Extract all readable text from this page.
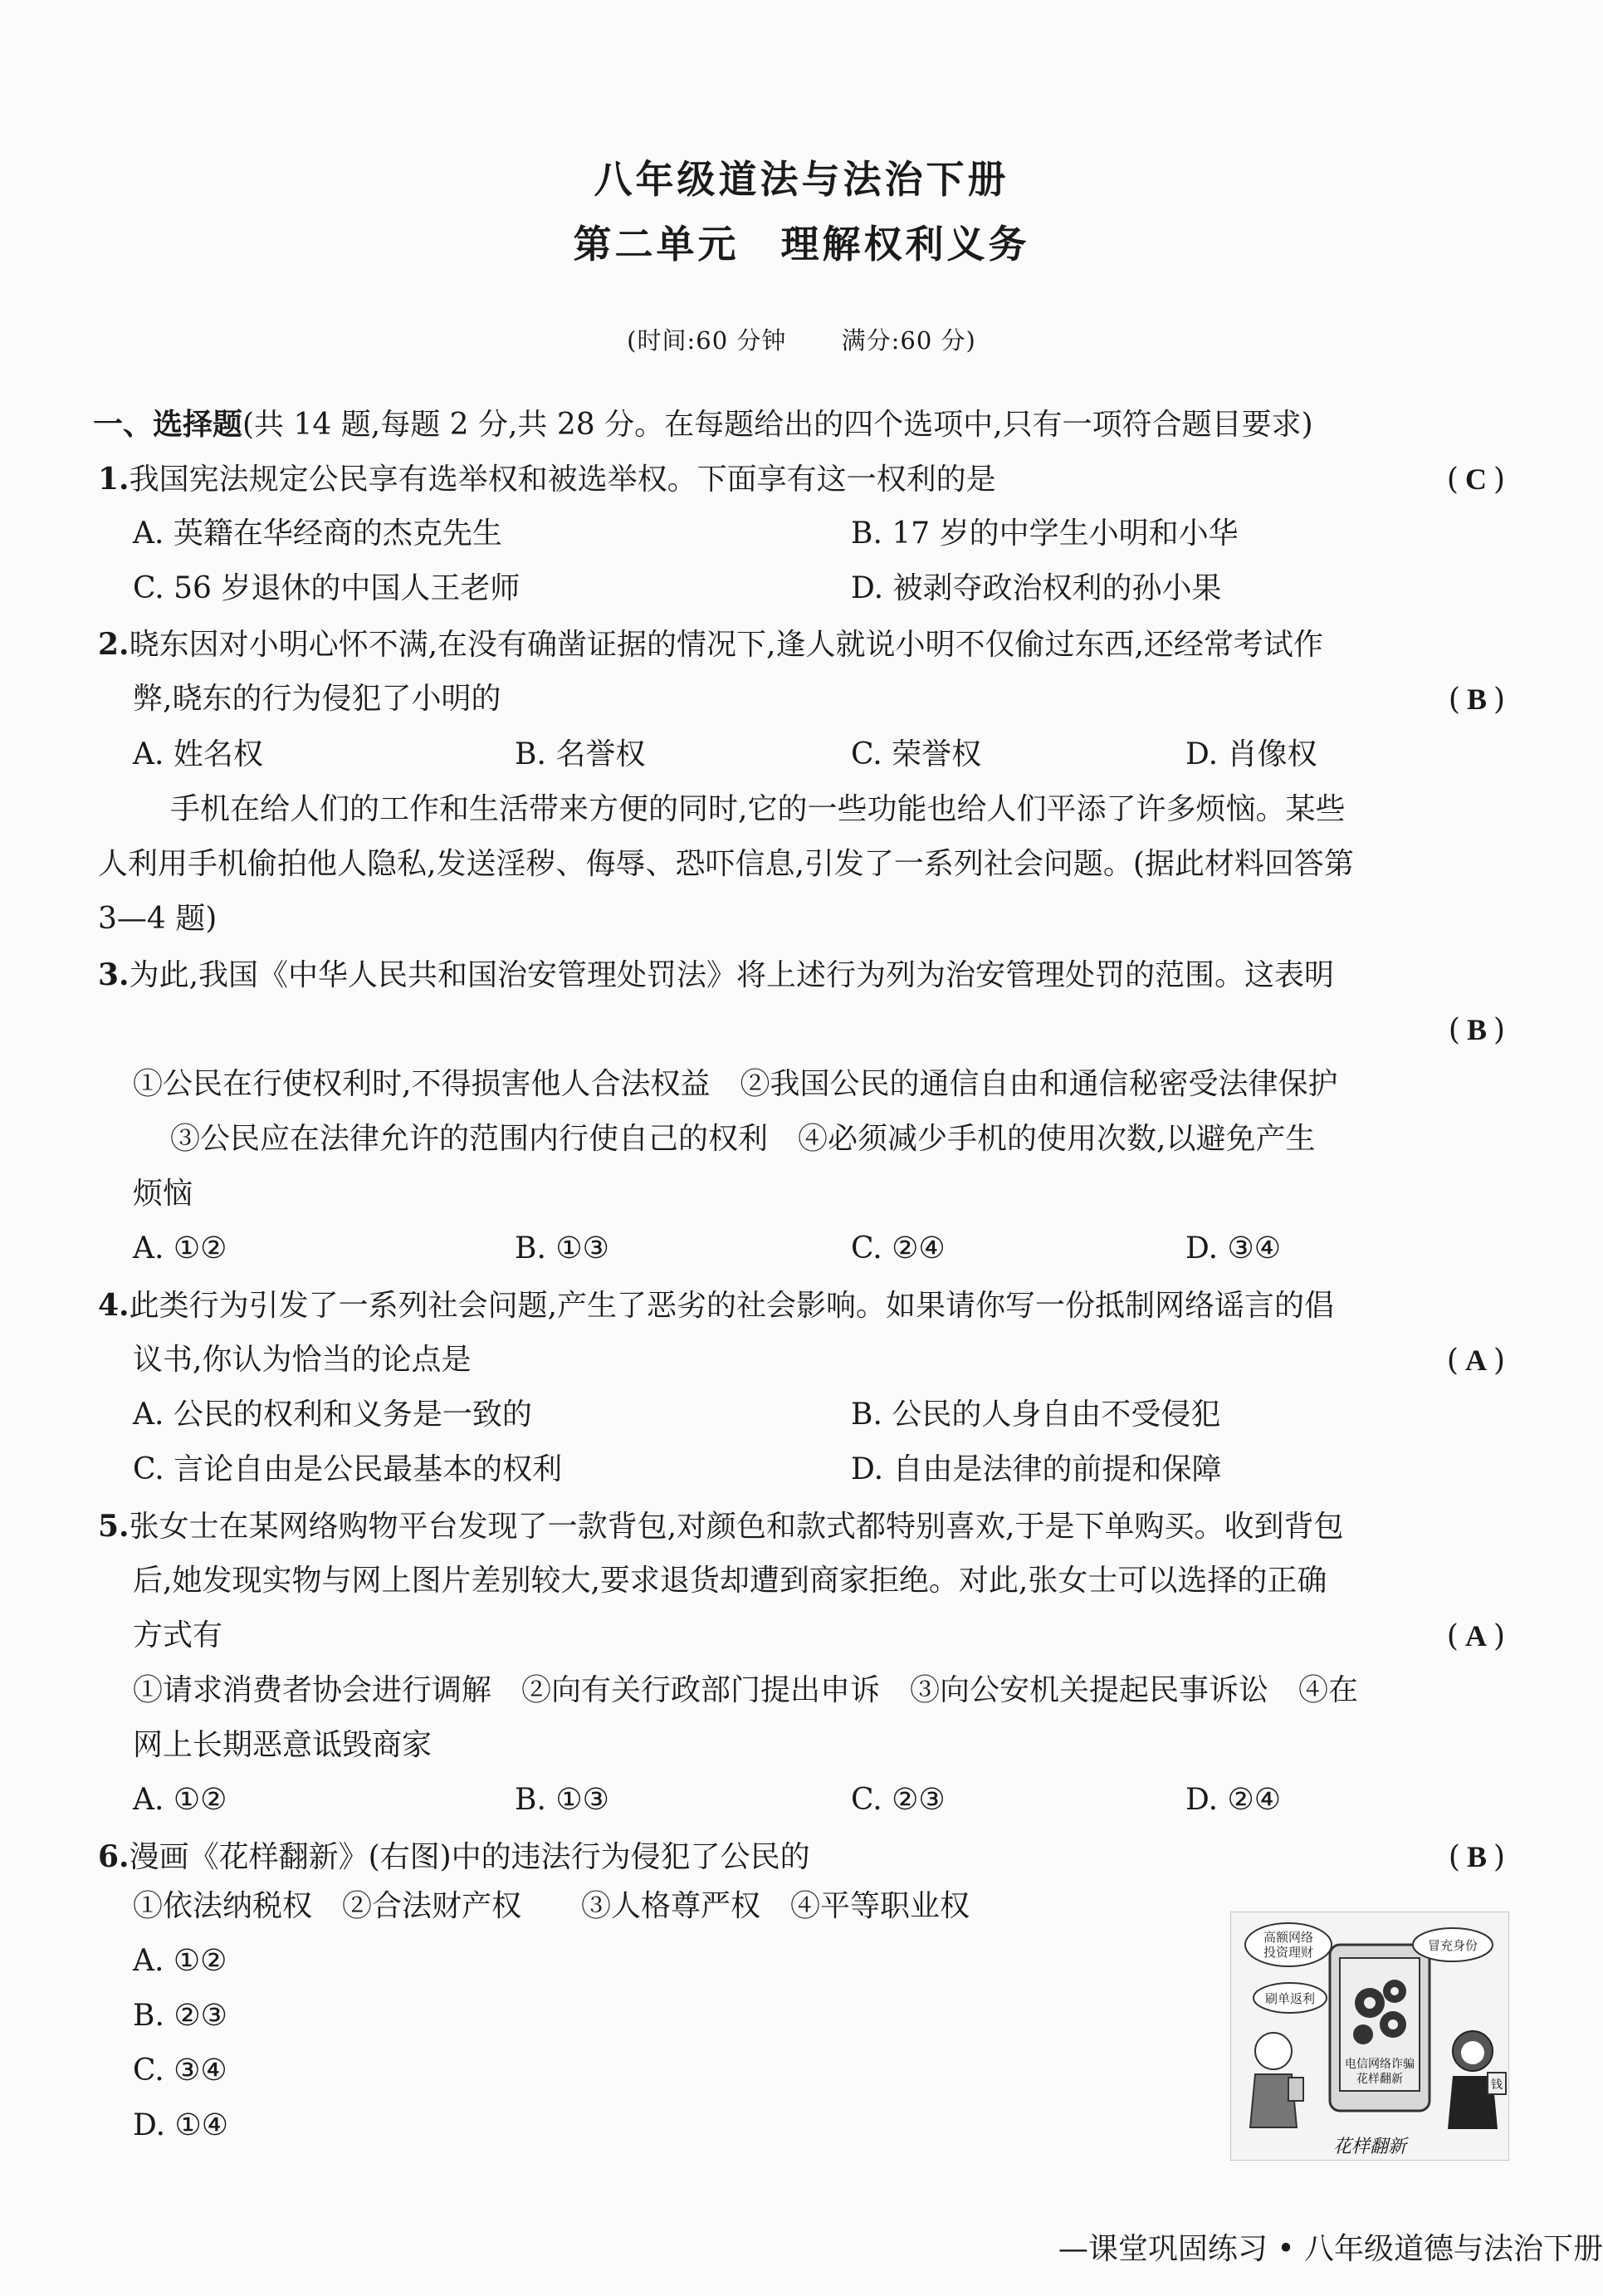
八年级道法与法治下册
第二单元　理解权利义务
(时间:60 分钟 满分:60 分)
一、选择题(共 14 题,每题 2 分,共 28 分。在每题给出的四个选项中,只有一项符合题目要求)
1.我国宪法规定公民享有选举权和被选举权。下面享有这一权利的是	(C)
A. 英籍在华经商的杰克先生	B. 17 岁的中学生小明和小华
C. 56 岁退休的中国人王老师	D. 被剥夺政治权利的孙小果
2.晓东因对小明心怀不满,在没有确凿证据的情况下,逢人就说小明不仅偷过东西,还经常考试作
弊,晓东的行为侵犯了小明的	(B)
A. 姓名权	B. 名誉权	C. 荣誉权	D. 肖像权
手机在给人们的工作和生活带来方便的同时,它的一些功能也给人们平添了许多烦恼。某些
人利用手机偷拍他人隐私,发送淫秽、侮辱、恐吓信息,引发了一系列社会问题。(据此材料回答第
3—4 题)
3.为此,我国《中华人民共和国治安管理处罚法》将上述行为列为治安管理处罚的范围。这表明
(B)
①公民在行使权利时,不得损害他人合法权益　②我国公民的通信自由和通信秘密受法律保护
③公民应在法律允许的范围内行使自己的权利　④必须减少手机的使用次数,以避免产生
烦恼
A. ①②	B. ①③	C. ②④	D. ③④
4.此类行为引发了一系列社会问题,产生了恶劣的社会影响。如果请你写一份抵制网络谣言的倡
议书,你认为恰当的论点是	(A)
A. 公民的权利和义务是一致的	B. 公民的人身自由不受侵犯
C. 言论自由是公民最基本的权利	D. 自由是法律的前提和保障
5.张女士在某网络购物平台发现了一款背包,对颜色和款式都特别喜欢,于是下单购买。收到背包
后,她发现实物与网上图片差别较大,要求退货却遭到商家拒绝。对此,张女士可以选择的正确
方式有	(A)
①请求消费者协会进行调解　②向有关行政部门提出申诉　③向公安机关提起民事诉讼　④在
网上长期恶意诋毁商家
A. ①②	B. ①③	C. ②③	D. ②④
6.漫画《花样翻新》(右图)中的违法行为侵犯了公民的	(B)
①依法纳税权　②合法财产权　　③人格尊严权　④平等职业权
A. ①②
B. ②③
C. ③④
D. ①④
高额网络
投资理财	冒充身份
刷单返利
电信网络诈骗
花样翻新	钱
花样翻新
—课堂巩固练习 • 八年级道德与法治下册
